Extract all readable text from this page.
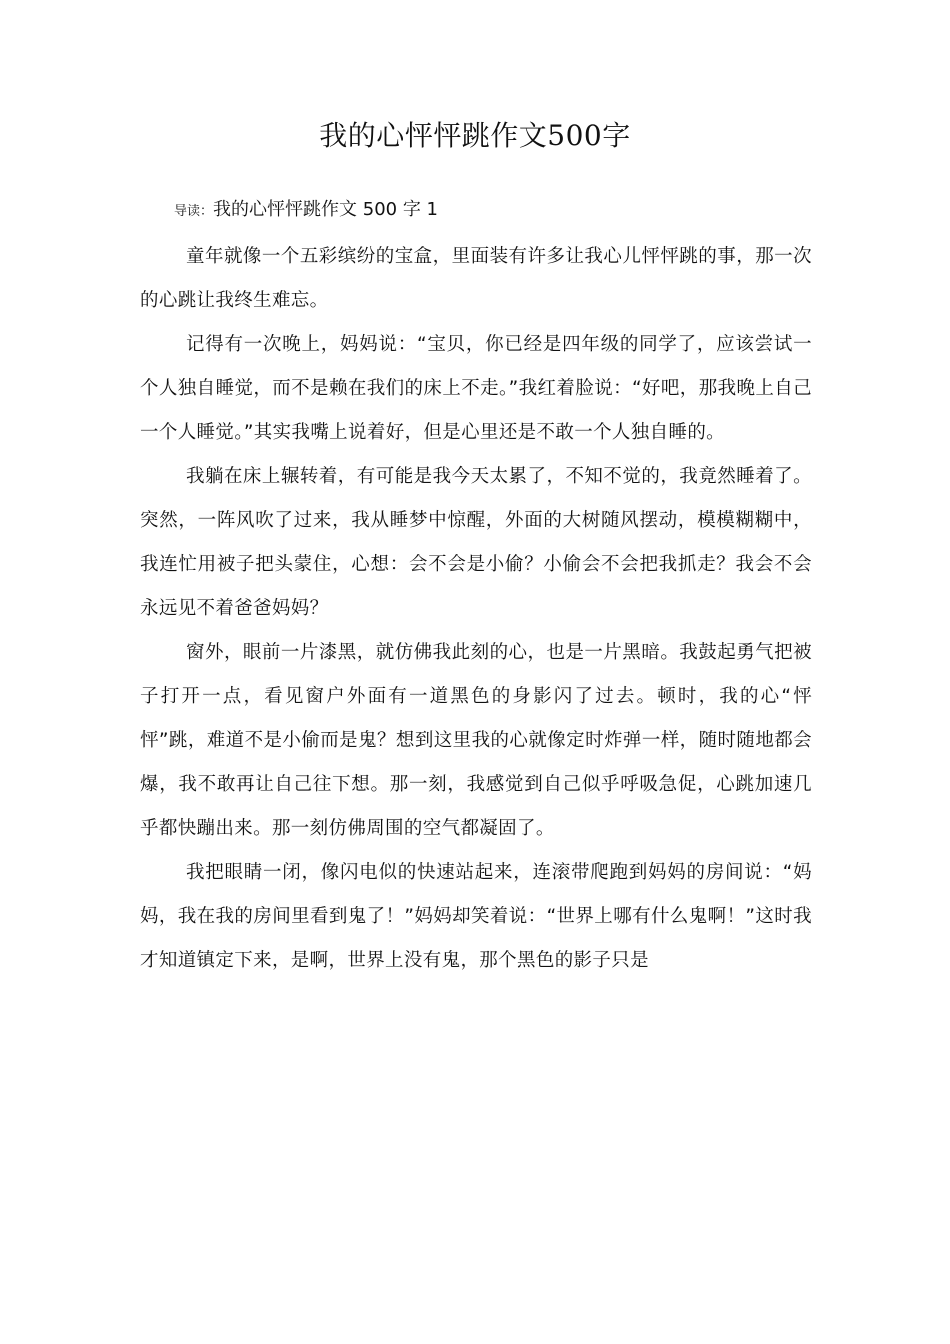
我的心怦怦跳作文500字
导读：我的心怦怦跳作文 500 字 1

童年就像一个五彩缤纷的宝盒，里面装有许多让我心儿怦怦跳的事，那一次的心跳让我终生难忘。

记得有一次晚上，妈妈说：“宝贝，你已经是四年级的同学了，应该尝试一个人独自睡觉，而不是赖在我们的床上不走。”我红着脸说：“好吧，那我晚上自己一个人睡觉。”其实我嘴上说着好，但是心里还是不敢一个人独自睡的。

我躺在床上辗转着，有可能是我今天太累了，不知不觉的，我竟然睡着了。突然，一阵风吹了过来，我从睡梦中惊醒，外面的大树随风摆动，模模糊糊中，我连忙用被子把头蒙住，心想：会不会是小偷？小偷会不会把我抓走？我会不会永远见不着爸爸妈妈？

窗外，眼前一片漆黑，就仿佛我此刻的心，也是一片黑暗。我鼓起勇气把被子打开一点，看见窗户外面有一道黑色的身影闪了过去。顿时，我的心“怦怦”跳，难道不是小偷而是鬼？想到这里我的心就像定时炸弹一样，随时随地都会爆，我不敢再让自己往下想。那一刻，我感觉到自己似乎呼吸急促，心跳加速几乎都快蹦出来。那一刻仿佛周围的空气都凝固了。

我把眼睛一闭，像闪电似的快速站起来，连滚带爬跑到妈妈的房间说：“妈妈，我在我的房间里看到鬼了！”妈妈却笑着说：“世界上哪有什么鬼啊！”这时我才知道镇定下来，是啊，世界上没有鬼，那个黑色的影子只是
